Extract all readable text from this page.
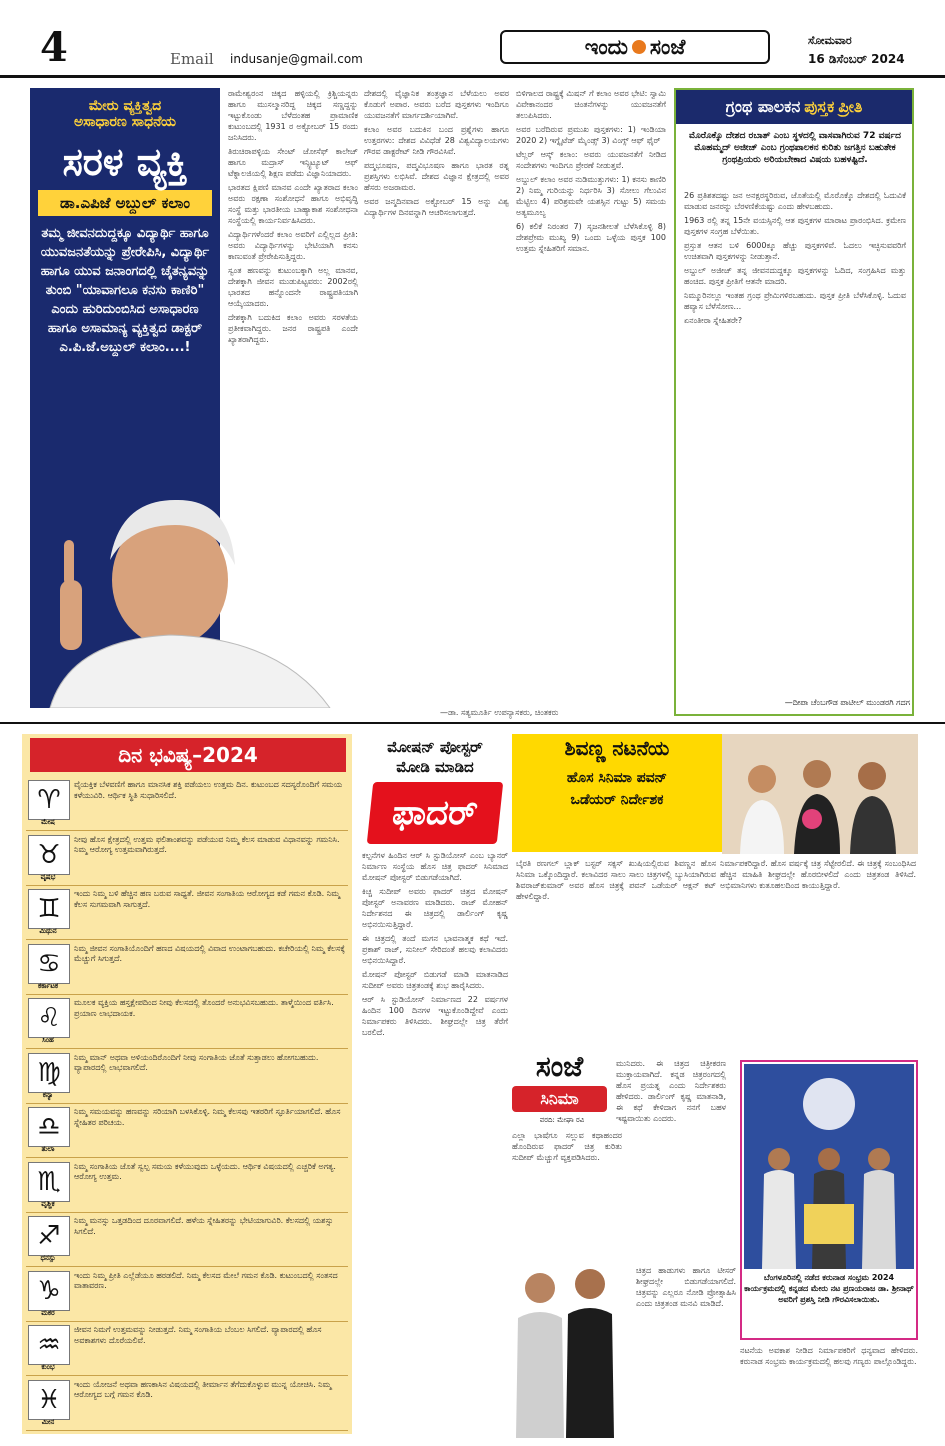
4	Email indusanje@gmail.com
ಇಂದು ಸಂಜೆ	ಸೋಮವಾರ
16 ಡಿಸೆಂಬರ್ 2024
ಮೇರು ವ್ಯಕ್ತಿತ್ವದ
ಅಸಾಧಾರಣ ಸಾಧನೆಯ
ಸರಳ ವ್ಯಕ್ತಿ
ಡಾ.ಎಪಿಜೆ ಅಬ್ದುಲ್ ಕಲಾಂ
ತಮ್ಮ ಜೀವನದುದ್ದಕ್ಕೂ ವಿದ್ಯಾರ್ಥಿ ಹಾಗೂ ಯುವಜನತೆಯನ್ನು ಪ್ರೇರೇಪಿಸಿ, ವಿದ್ಯಾರ್ಥಿ ಹಾಗೂ ಯುವ ಜನಾಂಗದಲ್ಲಿ ಚೈತನ್ಯವನ್ನು ತುಂಬಿ "ಯಾವಾಗಲೂ ಕನಸು ಕಾಣಿರಿ" ಎಂದು ಹುರಿದುಂಬಿಸಿದ ಅಸಾಧಾರಣ ಹಾಗೂ ಅಸಾಮಾನ್ಯ ವ್ಯಕ್ತಿತ್ವದ ಡಾಕ್ಟರ್ ಎ.ಪಿ.ಜೆ.ಅಬ್ದುಲ್ ಕಲಾಂ....!

ರಾಮೇಶ್ವರಂನ ಚಿಕ್ಕದ ಹಳ್ಳಿಯಲ್ಲಿ ಕ್ರಿಶ್ಚಿಯನ್ನರು ಹಾಗೂ ಮುಸಲ್ಮಾನರಿದ್ದ ಚಿಕ್ಕದ ಸಣ್ಣದ್ದನ್ನು ಇಟ್ಟುಕೊಂಡು ಬೆಳೆದಂತಹ ಪ್ರಾಮಾಣಿಕ ಕುಟುಂಬದಲ್ಲಿ 1931 ರ ಅಕ್ಟೋಬರ್ 15 ರಂದು ಜನಿಸಿದರು.

ತಿರುಚಿರಾಪಳ್ಳಿಯ ಸೇಂಟ್ ಜೋಸೆಫ್ ಕಾಲೇಜ್ ಹಾಗೂ ಮದ್ರಾಸ್ ಇನ್ಸ್ಟಿಟ್ಯೂಟ್ ಆಫ್ ಟೆಕ್ನಾಲಜಿಯಲ್ಲಿ ಶಿಕ್ಷಣ ಪಡೆದು ವಿಜ್ಞಾನಿಯಾದರು.

ಭಾರತದ ಕ್ಷಿಪಣಿ ಮಾನವ ಎಂದೇ ಖ್ಯಾತರಾದ ಕಲಾಂ ಅವರು ರಕ್ಷಣಾ ಸಂಶೋಧನೆ ಹಾಗೂ ಅಭಿವೃದ್ಧಿ ಸಂಸ್ಥೆ ಮತ್ತು ಭಾರತೀಯ ಬಾಹ್ಯಾಕಾಶ ಸಂಶೋಧನಾ ಸಂಸ್ಥೆಯಲ್ಲಿ ಕಾರ್ಯನಿರ್ವಹಿಸಿದರು.

ವಿದ್ಯಾರ್ಥಿಗಳೆಂದರೆ ಕಲಾಂ ಅವರಿಗೆ ಎಲ್ಲಿಲ್ಲದ ಪ್ರೀತಿ: ಅವರು ವಿದ್ಯಾರ್ಥಿಗಳನ್ನು ಭೇಟಿಯಾಗಿ ಕನಸು ಕಾಣುವಂತೆ ಪ್ರೇರೇಪಿಸುತ್ತಿದ್ದರು.

ಸ್ವಂತ ಹಣವನ್ನು ಕುಟುಂಬಕ್ಕಾಗಿ ಅಲ್ಲ ಮಾನವ, ದೇಶಕ್ಕಾಗಿ ಜೀವನ ಮುಡುಪಿಟ್ಟವರು: 2002ರಲ್ಲಿ ಭಾರತದ ಹನ್ನೊಂದನೇ ರಾಷ್ಟ್ರಪತಿಯಾಗಿ ಆಯ್ಕೆಯಾದರು.

ದೇಶಕ್ಕಾಗಿ ಬದುಕಿದ ಕಲಾಂ ಅವರು ಸರಳತೆಯ ಪ್ರತೀಕವಾಗಿದ್ದರು. ಜನರ ರಾಷ್ಟ್ರಪತಿ ಎಂದೇ ಖ್ಯಾತರಾಗಿದ್ದರು.

ದೇಶದಲ್ಲಿ ವೈಜ್ಞಾನಿಕ ತಂತ್ರಜ್ಞಾನ ಬೆಳೆಯಲು ಅವರ ಕೊಡುಗೆ ಅಪಾರ. ಅವರು ಬರೆದ ಪುಸ್ತಕಗಳು ಇಂದಿಗೂ ಯುವಜನತೆಗೆ ಮಾರ್ಗದರ್ಶಿಯಾಗಿವೆ.

ಕಲಾಂ ಅವರ ಬದುಕಿನ ಬಂದ ಪ್ರಶ್ನೆಗಳು ಹಾಗೂ ಉತ್ತರಗಳು: ದೇಶದ ವಿವಿಧೆಡೆ 28 ವಿಶ್ವವಿದ್ಯಾಲಯಗಳು ಗೌರವ ಡಾಕ್ಟರೇಟ್ ನೀಡಿ ಗೌರವಿಸಿವೆ.

ಪದ್ಮಭೂಷಣ, ಪದ್ಮವಿಭೂಷಣ ಹಾಗೂ ಭಾರತ ರತ್ನ ಪ್ರಶಸ್ತಿಗಳು ಲಭಿಸಿವೆ. ದೇಶದ ವಿಜ್ಞಾನ ಕ್ಷೇತ್ರದಲ್ಲಿ ಅವರ ಹೆಸರು ಅಜರಾಮರ.

ಅವರ ಜನ್ಮದಿನವಾದ ಅಕ್ಟೋಬರ್ 15 ಅನ್ನು ವಿಶ್ವ ವಿದ್ಯಾರ್ಥಿಗಳ ದಿನವನ್ನಾಗಿ ಆಚರಿಸಲಾಗುತ್ತದೆ.

ಬಿಳಿಗಾಲದ ರಾಷ್ಟ್ರಕ್ಕೆ ಮಿಷನ್ ಗೆ ಕಲಾಂ ಅವರ ಭೇಟಿ: ಸ್ವಾಮಿ ವಿವೇಕಾನಂದರ ಚಿಂತನೆಗಳನ್ನು ಯುವಜನತೆಗೆ ತಲುಪಿಸಿದರು.

ಅವರ ಬರೆದಿರುವ ಪ್ರಮುಖ ಪುಸ್ತಕಗಳು: 1) ಇಂಡಿಯಾ 2020 2) ಇಗ್ನೈಟೆಡ್ ಮೈಂಡ್ಸ್ 3) ವಿಂಗ್ಸ್ ಆಫ್ ಫೈರ್

ಟೆಲ್ಲರ್ ಆಸ್ಕ್ ಕಲಾಂ: ಅವರು ಯುವಜನತೆಗೆ ನೀಡಿದ ಸಂದೇಶಗಳು ಇಂದಿಗೂ ಪ್ರೇರಣೆ ನೀಡುತ್ತವೆ.

ಅಬ್ದುಲ್ ಕಲಾಂ ಅವರ ನುಡಿಮುತ್ತುಗಳು: 1) ಕನಸು ಕಾಣಿರಿ 2) ನಿಮ್ಮ ಗುರಿಯನ್ನು ನಿರ್ಧರಿಸಿ 3) ಸೋಲು ಗೆಲುವಿನ ಮೆಟ್ಟಿಲು 4) ಪರಿಶ್ರಮವೇ ಯಶಸ್ಸಿನ ಗುಟ್ಟು 5) ಸಮಯ ಅತ್ಯಮೂಲ್ಯ

6) ಕಲಿಕೆ ನಿರಂತರ 7) ಸೃಜನಶೀಲತೆ ಬೆಳೆಸಿಕೊಳ್ಳಿ 8) ದೇಶಪ್ರೇಮ ಮುಖ್ಯ 9) ಒಂದು ಒಳ್ಳೆಯ ಪುಸ್ತಕ 100 ಉತ್ತಮ ಸ್ನೇಹಿತರಿಗೆ ಸಮಾನ.

—ಡಾ. ಸತ್ಯಮೂರ್ತಿ ಉಪನ್ಯಾಸಕರು, ಚಿಂತಕರು
ಗ್ರಂಥ ಪಾಲಕನ ಪುಸ್ತಕ ಪ್ರೀತಿ
ಮೊರೊಕ್ಕೊ ದೇಶದ ರಬಾತ್ ಎಂಬ ಸ್ಥಳದಲ್ಲಿ ವಾಸವಾಗಿರುವ 72 ವರ್ಷದ ಮೊಹಮ್ಮದ್ ಅಜೀಜ್ ಎಂಬ ಗ್ರಂಥಪಾಲಕನ ಕುರಿತು ಜಗತ್ತಿನ ಬಹುತೇಕ ಗ್ರಂಥಪ್ರಿಯರು ಅರಿಯಬೇಕಾದ ವಿಷಯ ಬಹಳಷ್ಟಿದೆ.

26 ಪ್ರತಿಶತದಷ್ಟು ಜನ ಅನಕ್ಷರಸ್ಥರಿರುವ, ಜೊತೆಯಲ್ಲಿ ಮೊರೊಕ್ಕೊ ದೇಶದಲ್ಲಿ ಓದುವಿಕೆ ಮಾಡುವ ಜನರನ್ನು ಬೆರಳಣಿಕೆಯಷ್ಟು ಎಂದು ಹೇಳಬಹುದು.

1963 ರಲ್ಲಿ ತನ್ನ 15ನೇ ವಯಸ್ಸಿನಲ್ಲಿ ಆತ ಪುಸ್ತಕಗಳ ಮಾರಾಟ ಪ್ರಾರಂಭಿಸಿದ. ಕ್ರಮೇಣ ಪುಸ್ತಕಗಳ ಸಂಗ್ರಹ ಬೆಳೆಯಿತು.

ಪ್ರಸ್ತುತ ಆತನ ಬಳಿ 6000ಕ್ಕೂ ಹೆಚ್ಚು ಪುಸ್ತಕಗಳಿವೆ. ಓದಲು ಇಚ್ಛಿಸುವವರಿಗೆ ಉಚಿತವಾಗಿ ಪುಸ್ತಕಗಳನ್ನು ನೀಡುತ್ತಾನೆ.

ಅಬ್ದುಲ್ ಅಜೀಜ್ ತನ್ನ ಜೀವನದುದ್ದಕ್ಕೂ ಪುಸ್ತಕಗಳನ್ನು ಓದಿದ, ಸಂಗ್ರಹಿಸಿದ ಮತ್ತು ಹಂಚಿದ. ಪುಸ್ತಕ ಪ್ರೀತಿಗೆ ಆತನೇ ಮಾದರಿ.

ನಿಮ್ಮೂರಿನಲ್ಲೂ ಇಂತಹ ಗ್ರಂಥ ಪ್ರೇಮಿಗಳಿರಬಹುದು. ಪುಸ್ತಕ ಪ್ರೀತಿ ಬೆಳೆಸಿಕೊಳ್ಳಿ. ಓದುವ ಹವ್ಯಾಸ ಬೆಳೆಸೋಣ...

ಏನಂತೀರಾ ಸ್ನೇಹಿತರೇ?

—ದೀಪಾ ಚೆಂಬಗೌಡ ಪಾಟೀಲ್ ಮುಂಡರಗಿ ಗದಗ
ದಿನ ಭವಿಷ್ಯ–2024
♈
ಮೇಷ
ವೈಯಕ್ತಿಕ ಬೆಳವಣಿಗೆ ಹಾಗೂ ಮಾನಸಿಕ ಶಕ್ತಿ ಪಡೆಯಲು ಉತ್ತಮ ದಿನ. ಕುಟುಂಬದ ಸದಸ್ಯರೊಂದಿಗೆ ಸಮಯ ಕಳೆಯುವಿರಿ. ಆರ್ಥಿಕ ಸ್ಥಿತಿ ಸುಧಾರಿಸಲಿದೆ.
♉
ವೃಷಭ
ನೀವು ಹೊಸ ಕ್ಷೇತ್ರದಲ್ಲಿ ಉತ್ತಮ ಫಲಿತಾಂಶವನ್ನು ಪಡೆಯುವ ನಿಮ್ಮ ಕೆಲಸ ಮಾಡುವ ವಿಧಾನವನ್ನು ಗಮನಿಸಿ. ನಿಮ್ಮ ಆರೋಗ್ಯ ಉತ್ತಮವಾಗಿರುತ್ತದೆ.
♊
ಮಿಥುನ
ಇಂದು ನಿಮ್ಮ ಬಳಿ ಹೆಚ್ಚಿನ ಹಣ ಬರುವ ಸಾಧ್ಯತೆ. ಜೀವನ ಸಂಗಾತಿಯ ಆರೋಗ್ಯದ ಕಡೆ ಗಮನ ಕೊಡಿ. ನಿಮ್ಮ ಕೆಲಸ ಸುಗಮವಾಗಿ ಸಾಗುತ್ತದೆ.
♋
ಕರ್ಕಾಟಕ
ನಿಮ್ಮ ಜೀವನ ಸಂಗಾತಿಯೊಂದಿಗೆ ಹಣದ ವಿಷಯದಲ್ಲಿ ವಿವಾದ ಉಂಟಾಗಬಹುದು. ಕಚೇರಿಯಲ್ಲಿ ನಿಮ್ಮ ಕೆಲಸಕ್ಕೆ ಮೆಚ್ಚುಗೆ ಸಿಗುತ್ತದೆ.
♌
ಸಿಂಹ
ಮೂಲಕ ವ್ಯಕ್ತಿಯ ಹಸ್ತಕ್ಷೇಪದಿಂದ ನೀವು ಕೆಲಸದಲ್ಲಿ ತೊಂದರೆ ಅನುಭವಿಸಬಹುದು. ತಾಳ್ಮೆಯಿಂದ ವರ್ತಿಸಿ. ಪ್ರಯಾಣ ಲಾಭದಾಯಕ.
♍
ಕನ್ಯಾ
ನಿಮ್ಮ ಮಾನ್ ಅಥವಾ ಅಳಿಯಂದಿರೊಂದಿಗೆ ನೀವು ಸಂಗಾತಿಯ ಜೊತೆ ಸುತ್ತಾಡಲು ಹೋಗಬಹುದು. ವ್ಯಾಪಾರದಲ್ಲಿ ಲಾಭವಾಗಲಿದೆ.
♎
ತುಲಾ
ನಿಮ್ಮ ಸಮಯವನ್ನು ಹಣವನ್ನು ಸರಿಯಾಗಿ ಬಳಸಿಕೊಳ್ಳಿ. ನಿಮ್ಮ ಕೆಲಸವು ಇತರರಿಗೆ ಸ್ಫೂರ್ತಿಯಾಗಲಿದೆ. ಹೊಸ ಸ್ನೇಹಿತರ ಪರಿಚಯ.
♏
ವೃಶ್ಚಿಕ
ನಿಮ್ಮ ಸಂಗಾತಿಯ ಜೊತೆ ಸ್ವಲ್ಪ ಸಮಯ ಕಳೆಯುವುದು ಒಳ್ಳೆಯದು. ಆರ್ಥಿಕ ವಿಷಯದಲ್ಲಿ ಎಚ್ಚರಿಕೆ ಅಗತ್ಯ. ಆರೋಗ್ಯ ಉತ್ತಮ.
♐
ಧನಸ್ಸು
ನಿಮ್ಮ ಮನಸ್ಸು ಒತ್ತಡದಿಂದ ದೂರವಾಗಲಿದೆ. ಹಳೆಯ ಸ್ನೇಹಿತರನ್ನು ಭೇಟಿಯಾಗುವಿರಿ. ಕೆಲಸದಲ್ಲಿ ಯಶಸ್ಸು ಸಿಗಲಿದೆ.
♑
ಮಕರ
ಇಂದು ನಿಮ್ಮ ಪ್ರೀತಿ ಎಲ್ಲೆಡೆಯೂ ಹರಡಲಿದೆ. ನಿಮ್ಮ ಕೆಲಸದ ಮೇಲೆ ಗಮನ ಕೊಡಿ. ಕುಟುಂಬದಲ್ಲಿ ಸಂತಸದ ವಾತಾವರಣ.
♒
ಕುಂಭ
ಜೀವನ ನಿಮಗೆ ಉತ್ತಮವನ್ನು ನೀಡುತ್ತದೆ. ನಿಮ್ಮ ಸಂಗಾತಿಯ ಬೆಂಬಲ ಸಿಗಲಿದೆ. ವ್ಯಾಪಾರದಲ್ಲಿ ಹೊಸ ಅವಕಾಶಗಳು ದೊರೆಯಲಿವೆ.
♓
ಮೀನ
ಇಂದು ಯೋಜನೆ ಅಥವಾ ಹಣಕಾಸಿನ ವಿಷಯದಲ್ಲಿ ತೀರ್ಮಾನ ತೆಗೆದುಕೊಳ್ಳುವ ಮುನ್ನ ಯೋಚಿಸಿ. ನಿಮ್ಮ ಆರೋಗ್ಯದ ಬಗ್ಗೆ ಗಮನ ಕೊಡಿ.
ಮೋಷನ್ ಪೋಸ್ಟರ್
ಮೋಡಿ ಮಾಡಿದ
ಫಾದರ್

ಕಲ್ಪನೆಗಳ ಹಿಂದಿನ ಆರ್ ಸಿ ಸ್ಟುಡಿಯೋಸ್ ಎಂಬ ಬ್ಯಾನರ್ ನಿರ್ಮಾಣ ಸಂಸ್ಥೆಯ ಹೊಸ ಚಿತ್ರ ಫಾದರ್ ಸಿನಿಮಾದ ಮೋಷನ್ ಪೋಸ್ಟರ್ ಬಿಡುಗಡೆಯಾಗಿದೆ.

ಕಿಚ್ಚ ಸುದೀಪ್ ಅವರು ಫಾದರ್ ಚಿತ್ರದ ಮೋಷನ್ ಪೋಸ್ಟರ್ ಅನಾವರಣ ಮಾಡಿದರು. ರಾಜ್ ಮೋಹನ್ ನಿರ್ದೇಶನದ ಈ ಚಿತ್ರದಲ್ಲಿ ಡಾರ್ಲಿಂಗ್ ಕೃಷ್ಣ ಅಭಿನಯಿಸುತ್ತಿದ್ದಾರೆ.

ಈ ಚಿತ್ರದಲ್ಲಿ ತಂದೆ ಮಗನ ಭಾವನಾತ್ಮಕ ಕಥೆ ಇದೆ. ಪ್ರಕಾಶ್ ರಾಜ್, ಸುನೀಲ್ ಸೇರಿದಂತೆ ಹಲವು ಕಲಾವಿದರು ಅಭಿನಯಿಸಿದ್ದಾರೆ.

ಮೋಷನ್ ಪೋಸ್ಟರ್ ಬಿಡುಗಡೆ ಮಾಡಿ ಮಾತನಾಡಿದ ಸುದೀಪ್ ಅವರು ಚಿತ್ರತಂಡಕ್ಕೆ ಶುಭ ಹಾರೈಸಿದರು.

ಆರ್ ಸಿ ಸ್ಟುಡಿಯೋಸ್ ನಿರ್ಮಾಣದ 22 ವರ್ಷಗಳ ಹಿಂದಿನ 100 ದಿನಗಳ ಇಟ್ಟುಕೊಂಡಿದ್ದೇವೆ ಎಂದು ನಿರ್ಮಾಪಕರು ತಿಳಿಸಿದರು. ಶೀಘ್ರದಲ್ಲೇ ಚಿತ್ರ ತೆರೆಗೆ ಬರಲಿದೆ.

ಶಿವಣ್ಣ ನಟನೆಯ
ಹೊಸ ಸಿನಿಮಾ ಪವನ್
ಒಡೆಯರ್ ನಿರ್ದೇಶಕ
ಬೈರತಿ ರಣಗಲ್ ಬ್ಲಾಕ್ ಬಸ್ಟರ್ ಸಕ್ಸಸ್ ಖುಷಿಯಲ್ಲಿರುವ ಶಿವಣ್ಣನ ಹೊಸ ಸಿನಿಮಾ ಒಕ್ಕೊಂದಿದ್ದಾರೆ. ಕಲಾವಿದರ ಸಾಲು ಸಾಲು ಚಿತ್ರಗಳಲ್ಲಿ ಬ್ಯುಸಿಯಾಗಿರುವ ಶಿವರಾಜ್‌ಕುಮಾರ್ ಅವರ ಹೊಸ ಚಿತ್ರಕ್ಕೆ ಪವನ್ ಒಡೆಯರ್ ಆಕ್ಷನ್ ಕಟ್ ಹೇಳಲಿದ್ದಾರೆ.
ನಿರ್ಮಾಪಕರಿದ್ದಾರೆ. ಹೊಸ ವರ್ಷಕ್ಕೆ ಚಿತ್ರ ಸೆಟ್ಟೇರಲಿದೆ. ಈ ಚಿತ್ರಕ್ಕೆ ಸಂಬಂಧಿಸಿದ ಹೆಚ್ಚಿನ ಮಾಹಿತಿ ಶೀಘ್ರದಲ್ಲೇ ಹೊರಬೀಳಲಿದೆ ಎಂದು ಚಿತ್ರತಂಡ ತಿಳಿಸಿದೆ. ಅಭಿಮಾನಿಗಳು ಕುತೂಹಲದಿಂದ ಕಾಯುತ್ತಿದ್ದಾರೆ.
ಸಂಜೆ
ಸಿನಿಮಾ
ವರದಿ: ಮೇಘಾ ರವಿ
ಎಲ್ಲಾ ಭಾಷೆಗೂ ಸಲ್ಲುವ ಕಥಾಹಂದರ ಹೊಂದಿರುವ ಫಾದರ್ ಚಿತ್ರ ಕುರಿತು ಸುದೀಪ್ ಮೆಚ್ಚುಗೆ ವ್ಯಕ್ತಪಡಿಸಿದರು.
ಮುನಿದರು. ಈ ಚಿತ್ರದ ಚಿತ್ರೀಕರಣ ಮುಕ್ತಾಯವಾಗಿದೆ. ಕನ್ನಡ ಚಿತ್ರರಂಗದಲ್ಲಿ ಹೊಸ ಪ್ರಯತ್ನ ಎಂದು ನಿರ್ದೇಶಕರು ಹೇಳಿದರು. ಡಾರ್ಲಿಂಗ್ ಕೃಷ್ಣ ಮಾತನಾಡಿ, ಈ ಕಥೆ ಕೇಳಿದಾಗ ನನಗೆ ಬಹಳ ಇಷ್ಟವಾಯಿತು ಎಂದರು.
ಚಿತ್ರದ ಹಾಡುಗಳು ಹಾಗೂ ಟೀಸರ್ ಶೀಘ್ರದಲ್ಲೇ ಬಿಡುಗಡೆಯಾಗಲಿದೆ. ಚಿತ್ರವನ್ನು ಎಲ್ಲರೂ ನೋಡಿ ಪ್ರೋತ್ಸಾಹಿಸಿ ಎಂದು ಚಿತ್ರತಂಡ ಮನವಿ ಮಾಡಿದೆ.
ಬೆಂಗಳೂರಿನಲ್ಲಿ ನಡೆದ ಕರುನಾಡ ಸಂಭ್ರಮ 2024 ಕಾರ್ಯಕ್ರಮದಲ್ಲಿ ಕನ್ನಡದ ಮೇರು ನಟ ಪ್ರಣಯರಾಜ ಡಾ. ಶ್ರೀನಾಥ್ ಅವರಿಗೆ ಪ್ರಶಸ್ತಿ ನೀಡಿ ಗೌರವಿಸಲಾಯಿತು.
ನಟನೆಯ ಅವಕಾಶ ನೀಡಿದ ನಿರ್ಮಾಪಕರಿಗೆ ಧನ್ಯವಾದ ಹೇಳಿದರು. ಕರುನಾಡ ಸಂಭ್ರಮ ಕಾರ್ಯಕ್ರಮದಲ್ಲಿ ಹಲವು ಗಣ್ಯರು ಪಾಲ್ಗೊಂಡಿದ್ದರು.
